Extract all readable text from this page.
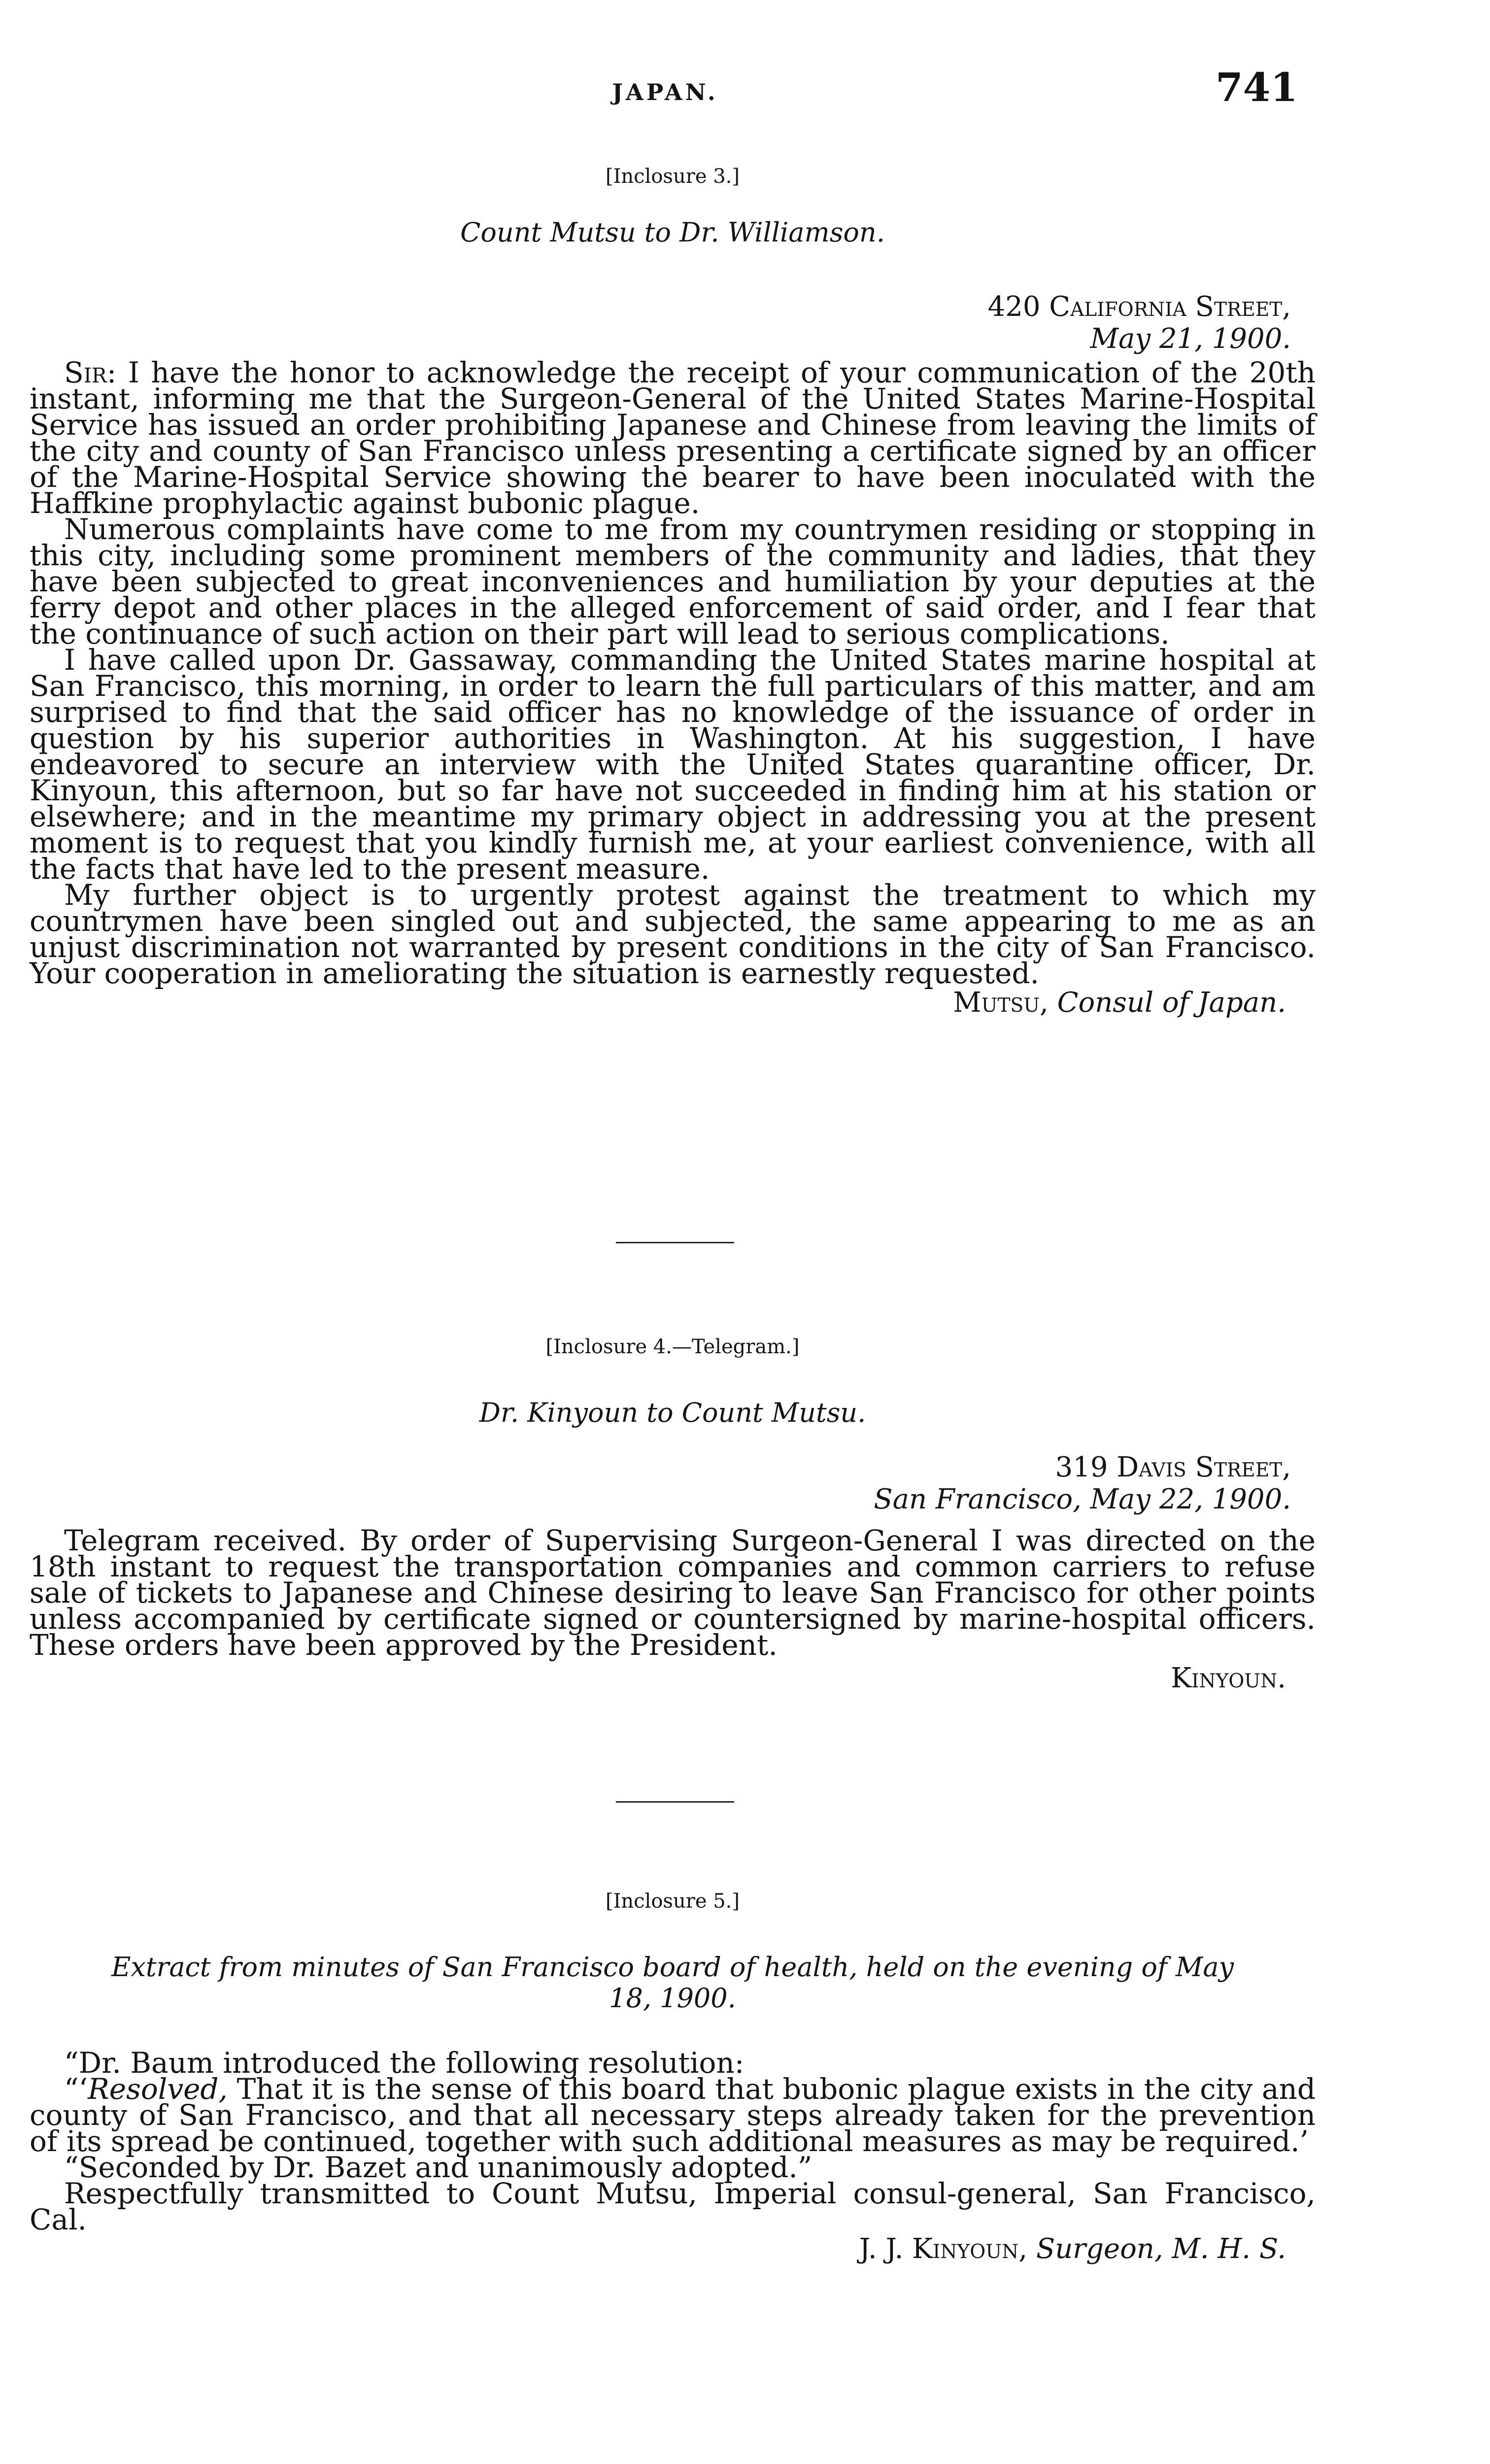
JAPAN.	741
[Inclosure 3.]
Count Mutsu to Dr. Williamson.
420 California Street,
May 21, 1900.

Sir: I have the honor to acknowledge the receipt of your communication of the 20th instant, informing me that the Surgeon-General of the United States Marine-Hospital Service has issued an order prohibiting Japanese and Chinese from leaving the limits of the city and county of San Francisco unless presenting a certificate signed by an officer of the Marine-Hospital Service showing the bearer to have been inoculated with the Haffkine prophylactic against bubonic plague.

Numerous complaints have come to me from my countrymen residing or stopping in this city, including some prominent members of the community and ladies, that they have been subjected to great inconveniences and humiliation by your deputies at the ferry depot and other places in the alleged enforcement of said order, and I fear that the continuance of such action on their part will lead to serious complications.

I have called upon Dr. Gassaway, commanding the United States marine hospital at San Francisco, this morning, in order to learn the full particulars of this matter, and am surprised to find that the said officer has no knowledge of the issuance of order in question by his superior authorities in Washington. At his suggestion, I have endeavored to secure an interview with the United States quarantine officer, Dr. Kinyoun, this afternoon, but so far have not succeeded in finding him at his station or elsewhere; and in the meantime my primary object in addressing you at the present moment is to request that you kindly furnish me, at your earliest convenience, with all the facts that have led to the present measure.

My further object is to urgently protest against the treatment to which my countrymen have been singled out and subjected, the same appearing to me as an unjust discrimination not warranted by present conditions in the city of San Francisco. Your cooperation in ameliorating the situation is earnestly requested.

Mutsu, Consul of Japan.
[Inclosure 4.—Telegram.]
Dr. Kinyoun to Count Mutsu.
319 Davis Street,
San Francisco, May 22, 1900.

Telegram received. By order of Supervising Surgeon-General I was directed on the 18th instant to request the transportation companies and common carriers to refuse sale of tickets to Japanese and Chinese desiring to leave San Francisco for other points unless accompanied by certificate signed or countersigned by marine-hospital officers. These orders have been approved by the President.

Kinyoun.
[Inclosure 5.]
Extract from minutes of San Francisco board of health, held on the evening of May 18, 1900.

“Dr. Baum introduced the following resolution:

“‘Resolved, That it is the sense of this board that bubonic plague exists in the city and county of San Francisco, and that all necessary steps already taken for the prevention of its spread be continued, together with such additional measures as may be required.’

“Seconded by Dr. Bazet and unanimously adopted.”

Respectfully transmitted to Count Mutsu, Imperial consul-general, San Francisco, Cal.

J. J. Kinyoun, Surgeon, M. H. S.
